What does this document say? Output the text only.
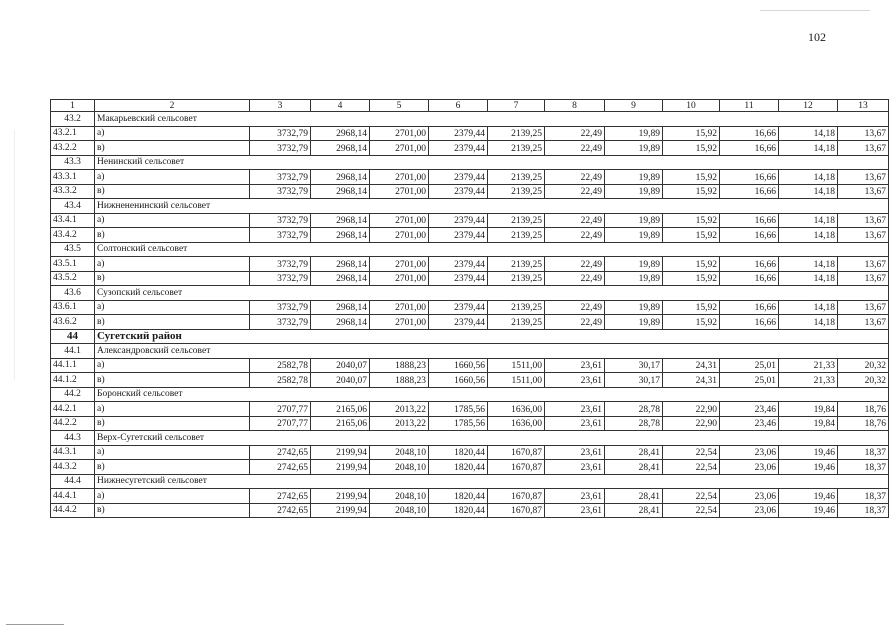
102
1	2	3	4	5	6	7	8	9	10	11	12	13
43.2	Макарьевский сельсовет											
43.2.1	а)	3732,79	2968,14	2701,00	2379,44	2139,25	22,49	19,89	15,92	16,66	14,18	13,67
43.2.2	в)	3732,79	2968,14	2701,00	2379,44	2139,25	22,49	19,89	15,92	16,66	14,18	13,67
43.3	Ненинский сельсовет											
43.3.1	а)	3732,79	2968,14	2701,00	2379,44	2139,25	22,49	19,89	15,92	16,66	14,18	13,67
43.3.2	в)	3732,79	2968,14	2701,00	2379,44	2139,25	22,49	19,89	15,92	16,66	14,18	13,67
43.4	Нижнененинский сельсовет											
43.4.1	а)	3732,79	2968,14	2701,00	2379,44	2139,25	22,49	19,89	15,92	16,66	14,18	13,67
43.4.2	в)	3732,79	2968,14	2701,00	2379,44	2139,25	22,49	19,89	15,92	16,66	14,18	13,67
43.5	Солтонский сельсовет											
43.5.1	а)	3732,79	2968,14	2701,00	2379,44	2139,25	22,49	19,89	15,92	16,66	14,18	13,67
43.5.2	в)	3732,79	2968,14	2701,00	2379,44	2139,25	22,49	19,89	15,92	16,66	14,18	13,67
43.6	Сузопский сельсовет											
43.6.1	а)	3732,79	2968,14	2701,00	2379,44	2139,25	22,49	19,89	15,92	16,66	14,18	13,67
43.6.2	в)	3732,79	2968,14	2701,00	2379,44	2139,25	22,49	19,89	15,92	16,66	14,18	13,67
44	Сугетский район											
44.1	Александровский сельсовет											
44.1.1	а)	2582,78	2040,07	1888,23	1660,56	1511,00	23,61	30,17	24,31	25,01	21,33	20,32
44.1.2	в)	2582,78	2040,07	1888,23	1660,56	1511,00	23,61	30,17	24,31	25,01	21,33	20,32
44.2	Боронский сельсовет											
44.2.1	а)	2707,77	2165,06	2013,22	1785,56	1636,00	23,61	28,78	22,90	23,46	19,84	18,76
44.2.2	в)	2707,77	2165,06	2013,22	1785,56	1636,00	23,61	28,78	22,90	23,46	19,84	18,76
44.3	Верх-Сугетский сельсовет											
44.3.1	а)	2742,65	2199,94	2048,10	1820,44	1670,87	23,61	28,41	22,54	23,06	19,46	18,37
44.3.2	в)	2742,65	2199,94	2048,10	1820,44	1670,87	23,61	28,41	22,54	23,06	19,46	18,37
44.4	Нижнесугетский сельсовет											
44.4.1	а)	2742,65	2199,94	2048,10	1820,44	1670,87	23,61	28,41	22,54	23,06	19,46	18,37
44.4.2	в)	2742,65	2199,94	2048,10	1820,44	1670,87	23,61	28,41	22,54	23,06	19,46	18,37
